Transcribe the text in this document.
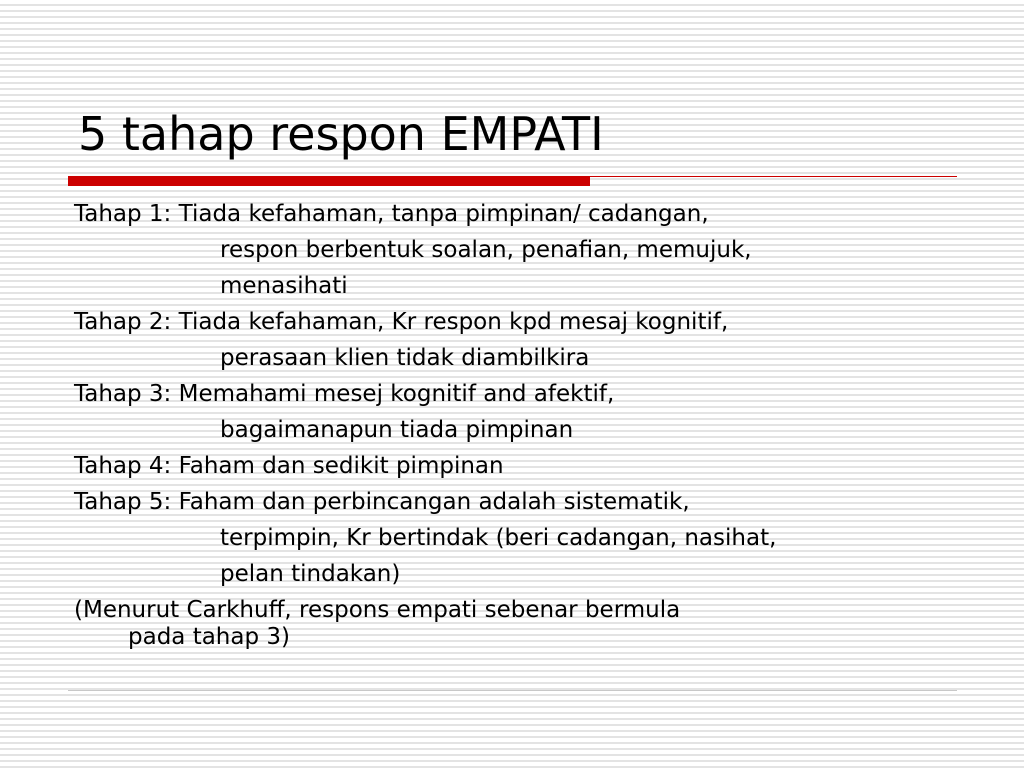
5 tahap respon EMPATI
Tahap 1: Tiada kefahaman, tanpa pimpinan/ cadangan,
respon berbentuk soalan, penafian, memujuk,
menasihati
Tahap 2: Tiada kefahaman, Kr respon kpd mesaj kognitif,
perasaan klien tidak diambilkira
Tahap 3: Memahami mesej kognitif and afektif,
bagaimanapun tiada pimpinan
Tahap 4: Faham dan sedikit pimpinan
Tahap 5: Faham dan perbincangan adalah sistematik,
terpimpin, Kr bertindak (beri cadangan, nasihat,
pelan tindakan)
(Menurut Carkhuff, respons empati sebenar bermula
pada tahap 3)
